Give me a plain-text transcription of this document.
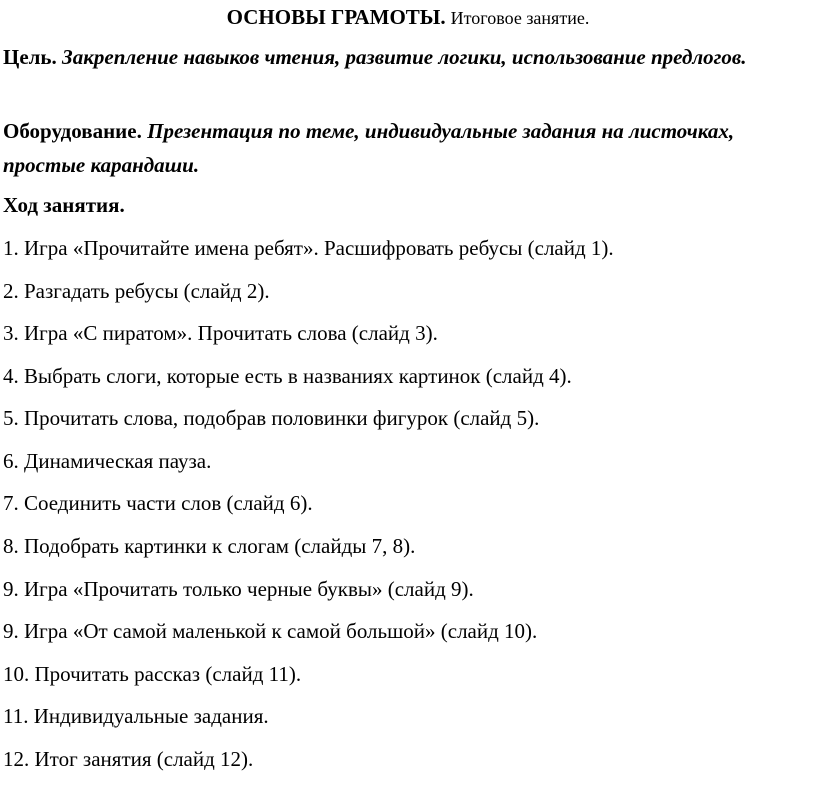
ОСНОВЫ ГРАМОТЫ. Итоговое занятие.
Цель. Закрепление навыков чтения, развитие логики, использование предлогов.
Оборудование. Презентация по теме, индивидуальные задания на листочках, простые карандаши.
Ход занятия.
1. Игра «Прочитайте имена ребят». Расшифровать ребусы (слайд 1).
2. Разгадать ребусы (слайд 2).
3. Игра «С пиратом». Прочитать слова (слайд 3).
4. Выбрать слоги, которые есть в названиях картинок (слайд 4).
5. Прочитать слова, подобрав половинки фигурок (слайд 5).
6. Динамическая пауза.
7. Соединить части слов (слайд 6).
8. Подобрать картинки к слогам (слайды 7, 8).
9. Игра «Прочитать только черные буквы» (слайд 9).
9. Игра «От самой маленькой к самой большой» (слайд 10).
10. Прочитать рассказ (слайд 11).
11. Индивидуальные задания.
12. Итог занятия (слайд 12).
